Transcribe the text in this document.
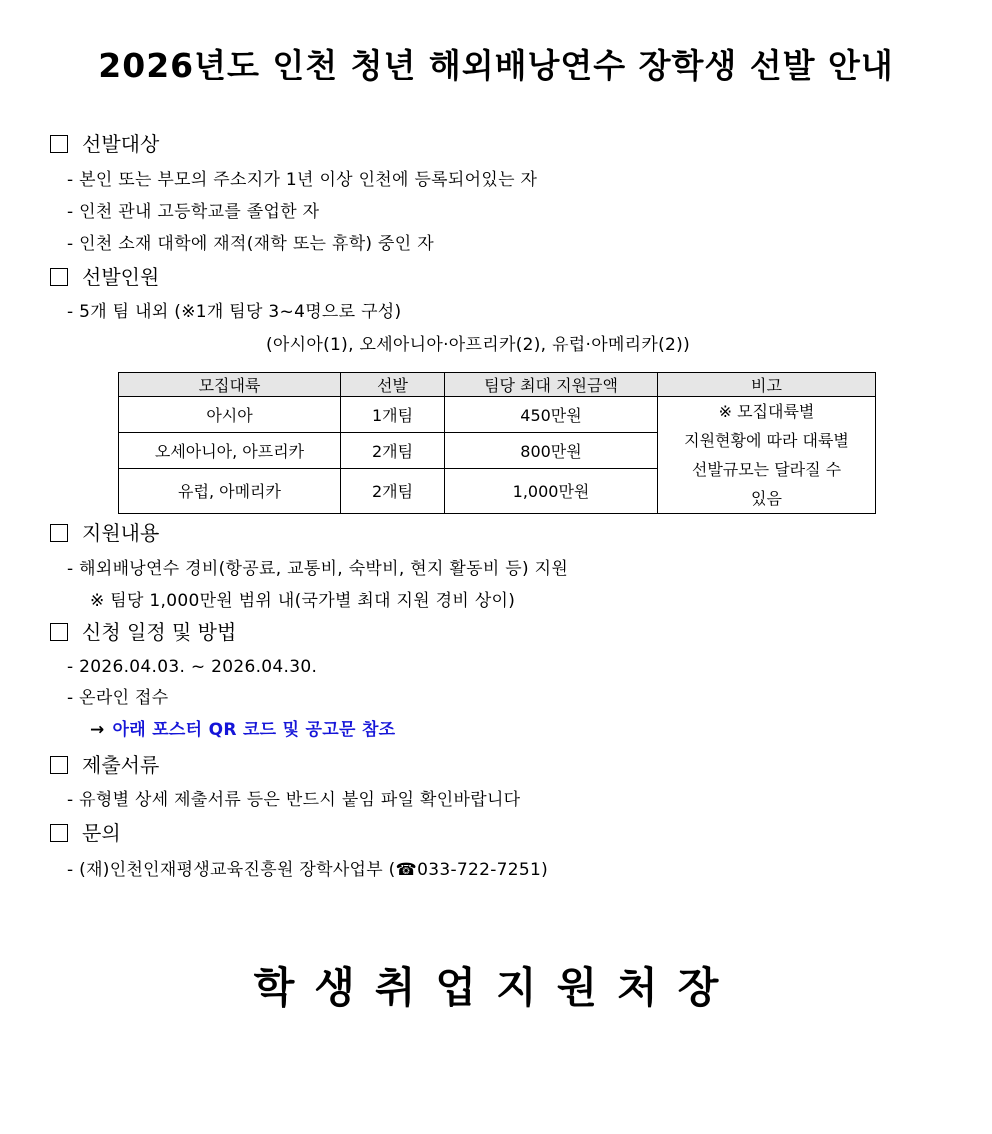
2026년도 인천 청년 해외배낭연수 장학생 선발 안내
선발대상
- 본인 또는 부모의 주소지가 1년 이상 인천에 등록되어있는 자
- 인천 관내 고등학교를 졸업한 자
- 인천 소재 대학에 재적(재학 또는 휴학) 중인 자
선발인원
- 5개 팀 내외 (※1개 팀당 3~4명으로 구성)
(아시아(1), 오세아니아·아프리카(2), 유럽·아메리카(2))
모집대륙	선발	팀당 최대 지원금액	비고
아시아	1개팀	450만원	※ 모집대륙별
지원현황에 따라 대륙별
선발규모는 달라질 수
있음

오세아니아, 아프리카	2개팀	800만원	
유럽, 아메리카	2개팀	1,000만원	
지원내용
- 해외배낭연수 경비(항공료, 교통비, 숙박비, 현지 활동비 등) 지원
※ 팀당 1,000만원 범위 내(국가별 최대 지원 경비 상이)
신청 일정 및 방법
- 2026.04.03. ~ 2026.04.30.
- 온라인 접수
→ 아래 포스터 QR 코드 및 공고문 참조
제출서류
- 유형별 상세 제출서류 등은 반드시 붙임 파일 확인바랍니다
문의
- (재)인천인재평생교육진흥원 장학사업부 (☎033-722-7251)
학생취업지원처장
